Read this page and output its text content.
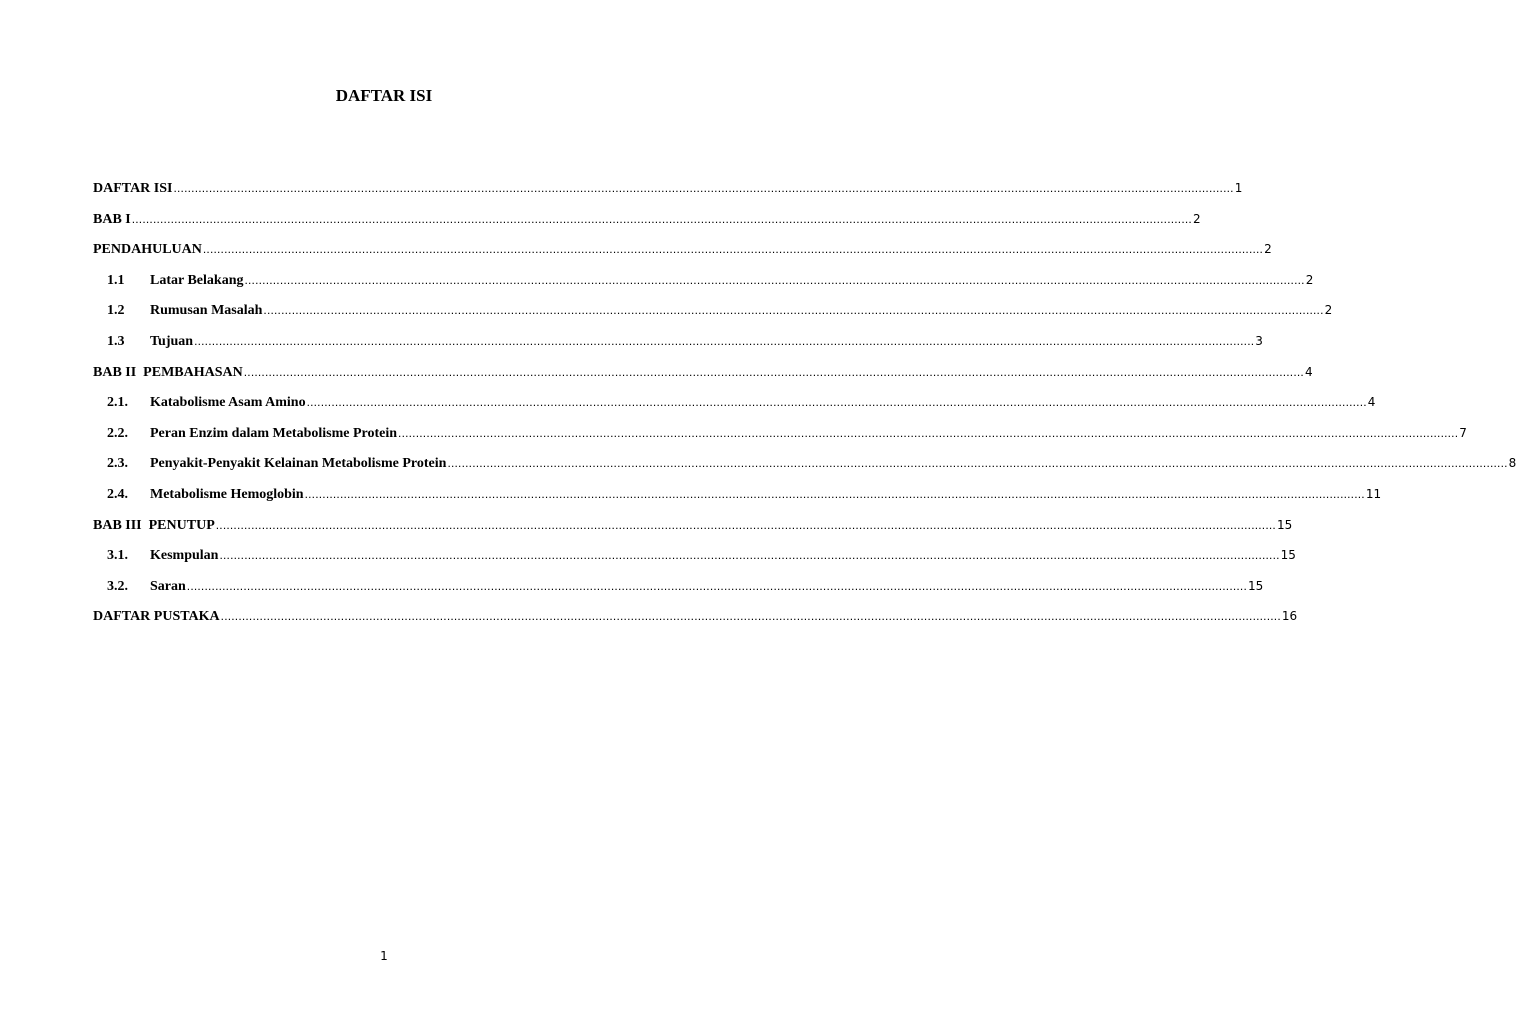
DAFTAR ISI
DAFTAR ISI ............................................................................................................................................................................................................................................................................................................ 1
BAB I ............................................................................................................................................................................................................................................................................................................ 2
PENDAHULUAN ............................................................................................................................................................................................................................................................................................................ 2
1.1	Latar Belakang ............................................................................................................................................................................................................................................................................................................ 2
1.2	Rumusan Masalah ............................................................................................................................................................................................................................................................................................................ 2
1.3	Tujuan ............................................................................................................................................................................................................................................................................................................ 3
BAB II  PEMBAHASAN ............................................................................................................................................................................................................................................................................................................ 4
2.1.	Katabolisme Asam Amino ............................................................................................................................................................................................................................................................................................................ 4
2.2.	Peran Enzim dalam Metabolisme Protein ............................................................................................................................................................................................................................................................................................................ 7
2.3.	Penyakit-Penyakit Kelainan Metabolisme Protein ............................................................................................................................................................................................................................................................................................................ 8
2.4.	Metabolisme Hemoglobin ............................................................................................................................................................................................................................................................................................................ 11
BAB III  PENUTUP ............................................................................................................................................................................................................................................................................................................ 15
3.1.	Kesmpulan ............................................................................................................................................................................................................................................................................................................ 15
3.2.	Saran ............................................................................................................................................................................................................................................................................................................ 15
DAFTAR PUSTAKA ............................................................................................................................................................................................................................................................................................................ 16
1
